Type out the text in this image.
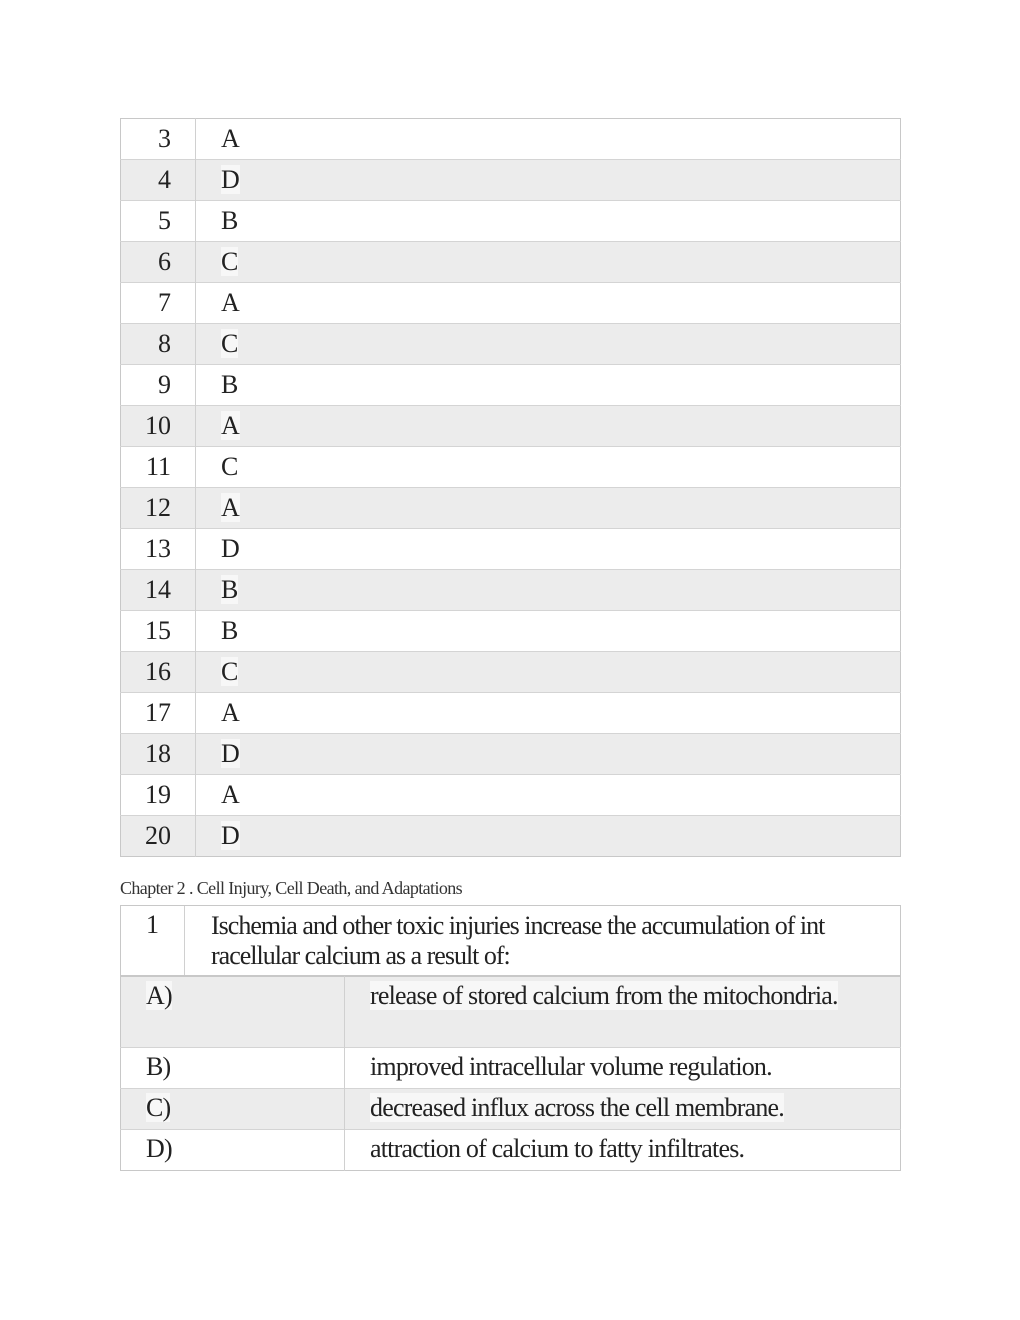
3	A
4	D
5	B
6	C
7	A
8	C
9	B
10	A
11	C
12	A
13	D
14	B
15	B
16	C
17	A
18	D
19	A
20	D
Chapter 2 . Cell Injury, Cell Death, and Adaptations
1	Ischemia and other toxic injuries increase the accumulation of int racellular calcium as a result of:
A)	release of stored calcium from the mitochondria.
B)	improved intracellular volume regulation.
C)	decreased influx across the cell membrane.
D)	attraction of calcium to fatty infiltrates.
